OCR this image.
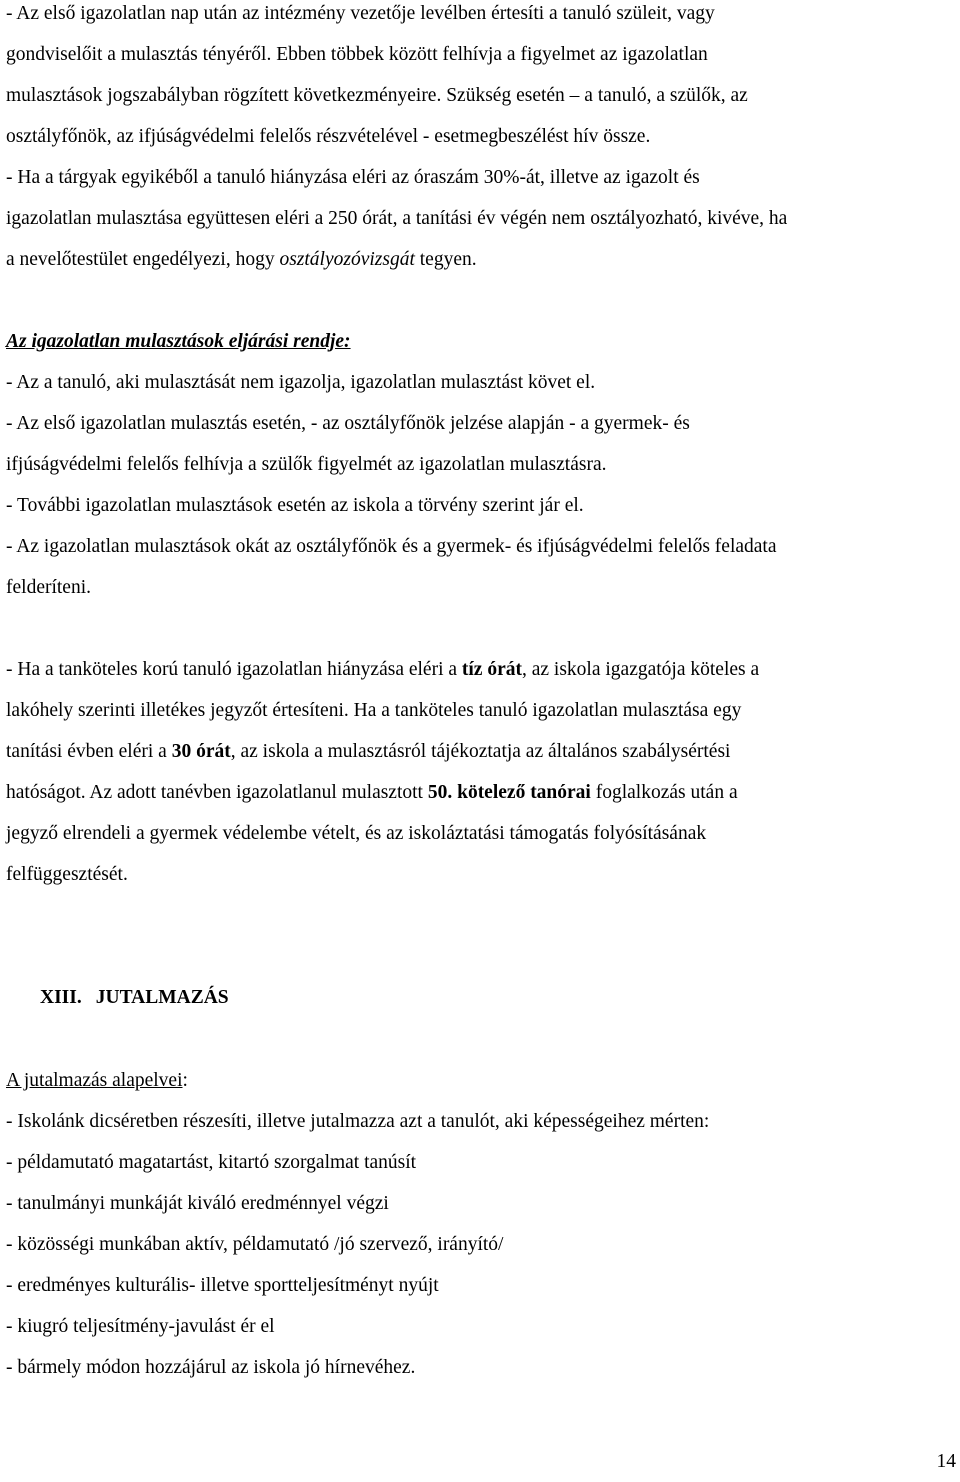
- Az első igazolatlan nap után az intézmény vezetője levélben értesíti a tanuló szüleit, vagy
gondviselőit a mulasztás tényéről. Ebben többek között felhívja a figyelmet az igazolatlan
mulasztások jogszabályban rögzített következményeire. Szükség esetén – a tanuló, a szülők, az
osztályfőnök, az ifjúságvédelmi felelős részvételével - esetmegbeszélést hív össze.
- Ha a tárgyak egyikéből a tanuló hiányzása eléri az óraszám 30%-át, illetve az igazolt és
igazolatlan mulasztása együttesen eléri a 250 órát, a tanítási év végén nem osztályozható, kivéve, ha
a nevelőtestület engedélyezi, hogy osztályozóvizsgát tegyen.
Az igazolatlan mulasztások eljárási rendje:
- Az a tanuló, aki mulasztását nem igazolja, igazolatlan mulasztást követ el.
- Az első igazolatlan mulasztás esetén, - az osztályfőnök jelzése alapján - a gyermek- és
ifjúságvédelmi felelős felhívja a szülők figyelmét az igazolatlan mulasztásra.
- További igazolatlan mulasztások esetén az iskola a törvény szerint jár el.
- Az igazolatlan mulasztások okát az osztályfőnök és a gyermek- és ifjúságvédelmi felelős feladata
felderíteni.
- Ha a tanköteles korú tanuló igazolatlan hiányzása eléri a tíz órát, az iskola igazgatója köteles a
lakóhely szerinti illetékes jegyzőt értesíteni. Ha a tanköteles tanuló igazolatlan mulasztása egy
tanítási évben eléri a 30 órát, az iskola a mulasztásról tájékoztatja az általános szabálysértési
hatóságot. Az adott tanévben igazolatlanul mulasztott 50. kötelező tanórai foglalkozás után a
jegyző elrendeli a gyermek védelembe vételt, és az iskoláztatási támogatás folyósításának
felfüggesztését.
XIII. JUTALMAZÁS
A jutalmazás alapelvei:
- Iskolánk dicséretben részesíti, illetve jutalmazza azt a tanulót, aki képességeihez mérten:
- példamutató magatartást, kitartó szorgalmat tanúsít
- tanulmányi munkáját kiváló eredménnyel végzi
- közösségi munkában aktív, példamutató /jó szervező, irányító/
- eredményes kulturális- illetve sportteljesítményt nyújt
- kiugró teljesítmény-javulást ér el
- bármely módon hozzájárul az iskola jó hírnevéhez.
14
